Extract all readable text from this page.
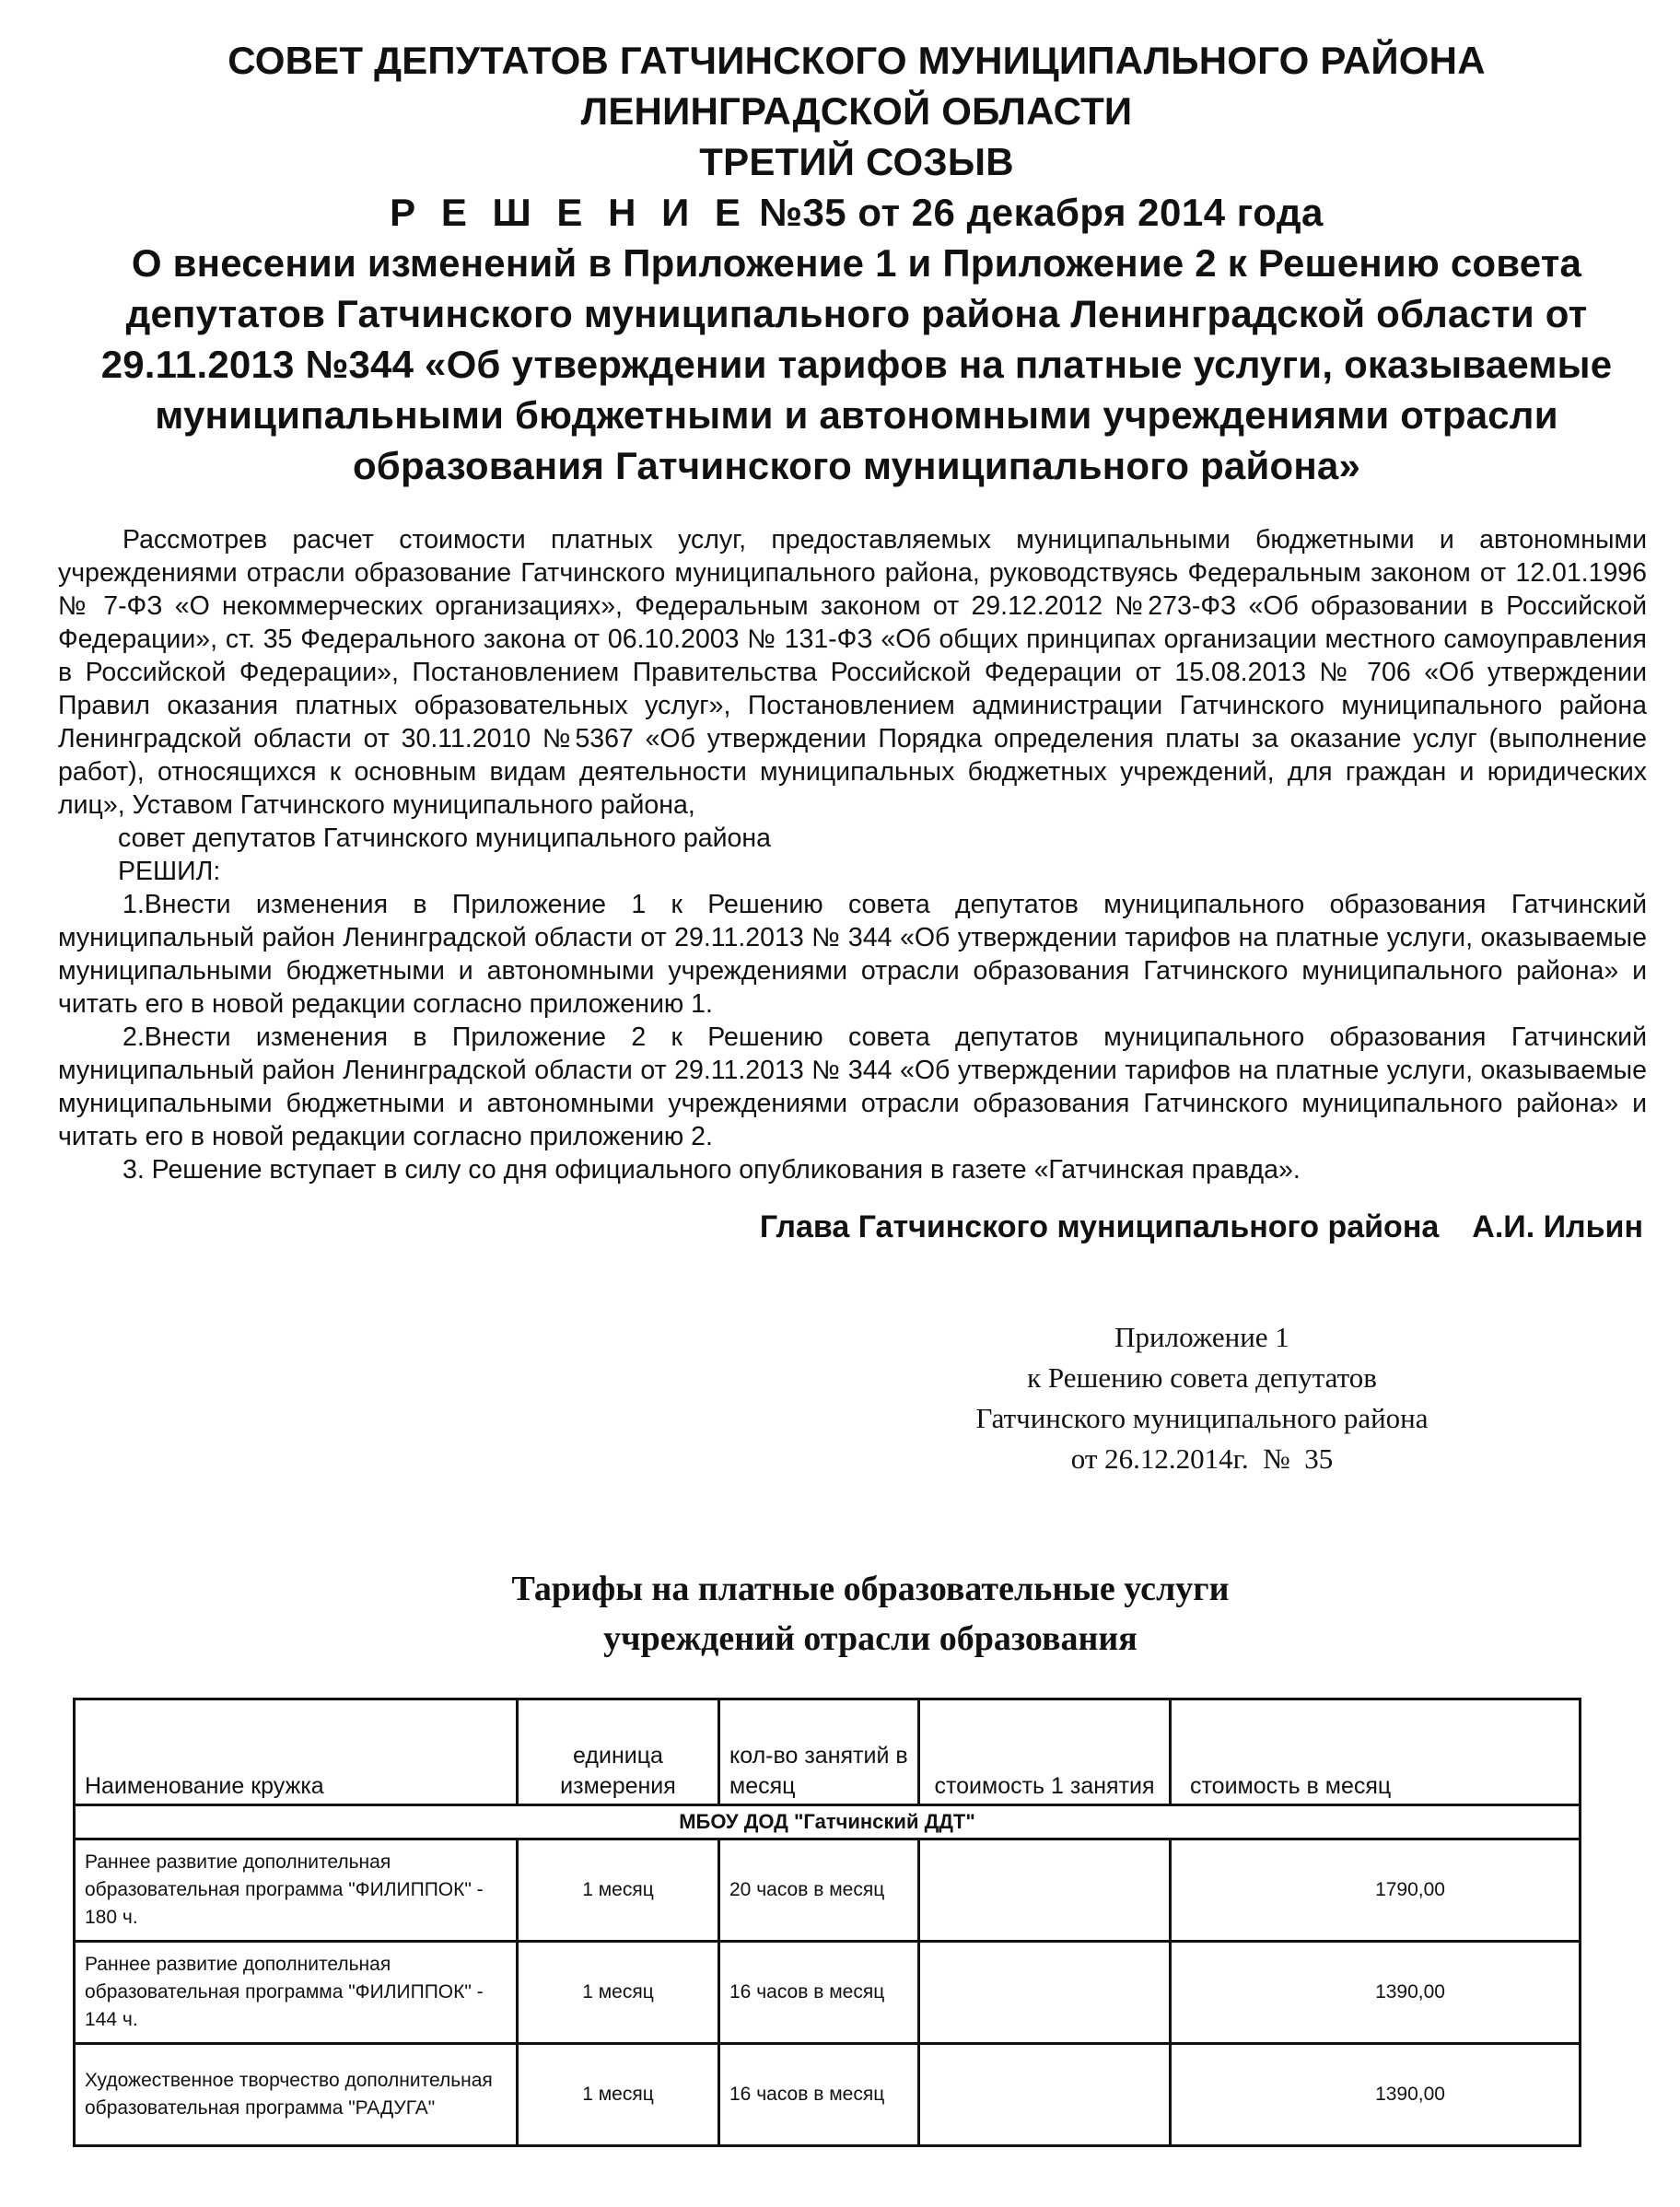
СОВЕТ ДЕПУТАТОВ ГАТЧИНСКОГО МУНИЦИПАЛЬНОГО РАЙОНА
ЛЕНИНГРАДСКОЙ ОБЛАСТИ
ТРЕТИЙ СОЗЫВ
Р Е Ш Е Н И Е №35 от 26 декабря 2014 года
О внесении изменений в Приложение 1 и Приложение 2 к Решению совета
депутатов Гатчинского муниципального района Ленинградской области от
29.11.2013 №344 «Об утверждении тарифов на платные услуги, оказываемые
муниципальными бюджетными и автономными учреждениями отрасли
образования Гатчинского муниципального района»

Рассмотрев расчет стоимости платных услуг, предоставляемых муниципальными бюджетными и автономными учреждениями отрасли образование Гатчинского муниципального района, руководствуясь Федеральным законом от 12.01.1996 № 7-ФЗ «О некоммерческих организациях», Федеральным законом от 29.12.2012 №273-ФЗ «Об образовании в Российской Федерации», ст. 35 Федерального закона от 06.10.2003 № 131-ФЗ «Об общих принципах организации местного самоуправления в Российской Федерации», Постановлением Правительства Российской Федерации от 15.08.2013 № 706 «Об утверждении Правил оказания платных образовательных услуг», Постановлением администрации Гатчинского муниципального района Ленинградской области от 30.11.2010 №5367 «Об утверждении Порядка определения платы за оказание услуг (выполнение работ), относящихся к основным видам деятельности муниципальных бюджетных учреждений, для граждан и юридических лиц», Уставом Гатчинского муниципального района,

совет депутатов Гатчинского муниципального района

РЕШИЛ:

1.Внести изменения в Приложение 1 к Решению совета депутатов муниципального образования Гатчинский муниципальный район Ленинградской области от 29.11.2013 № 344 «Об утверждении тарифов на платные услуги, оказываемые муниципальными бюджетными и автономными учреждениями отрасли образования Гатчинского муниципального района» и читать его в новой редакции согласно приложению 1.

2.Внести изменения в Приложение 2 к Решению совета депутатов муниципального образования Гатчинский муниципальный район Ленинградской области от 29.11.2013 № 344 «Об утверждении тарифов на платные услуги, оказываемые муниципальными бюджетными и автономными учреждениями отрасли образования Гатчинского муниципального района» и читать его в новой редакции согласно приложению 2.

3. Решение вступает в силу со дня официального опубликования в газете «Гатчинская правда».

Глава Гатчинского муниципального района А.И. Ильин
Приложение 1
к Решению совета депутатов
Гатчинского муниципального района
от 26.12.2014г.  №  35
Тарифы на платные образовательные услуги
учреждений отрасли образования
Наименование кружка	единица измерения	кол-во занятий в месяц	стоимость 1 занятия	стоимость в месяц
МБОУ ДОД "Гатчинский ДДТ"				
Раннее развитие дополнительная образовательная программа "ФИЛИППОК" - 180 ч.	1 месяц	20 часов в месяц		1790,00
Раннее развитие дополнительная образовательная программа "ФИЛИППОК" - 144 ч.	1 месяц	16 часов в месяц		1390,00
Художественное творчество дополнительная образовательная программа "РАДУГА"	1 месяц	16 часов в месяц		1390,00
